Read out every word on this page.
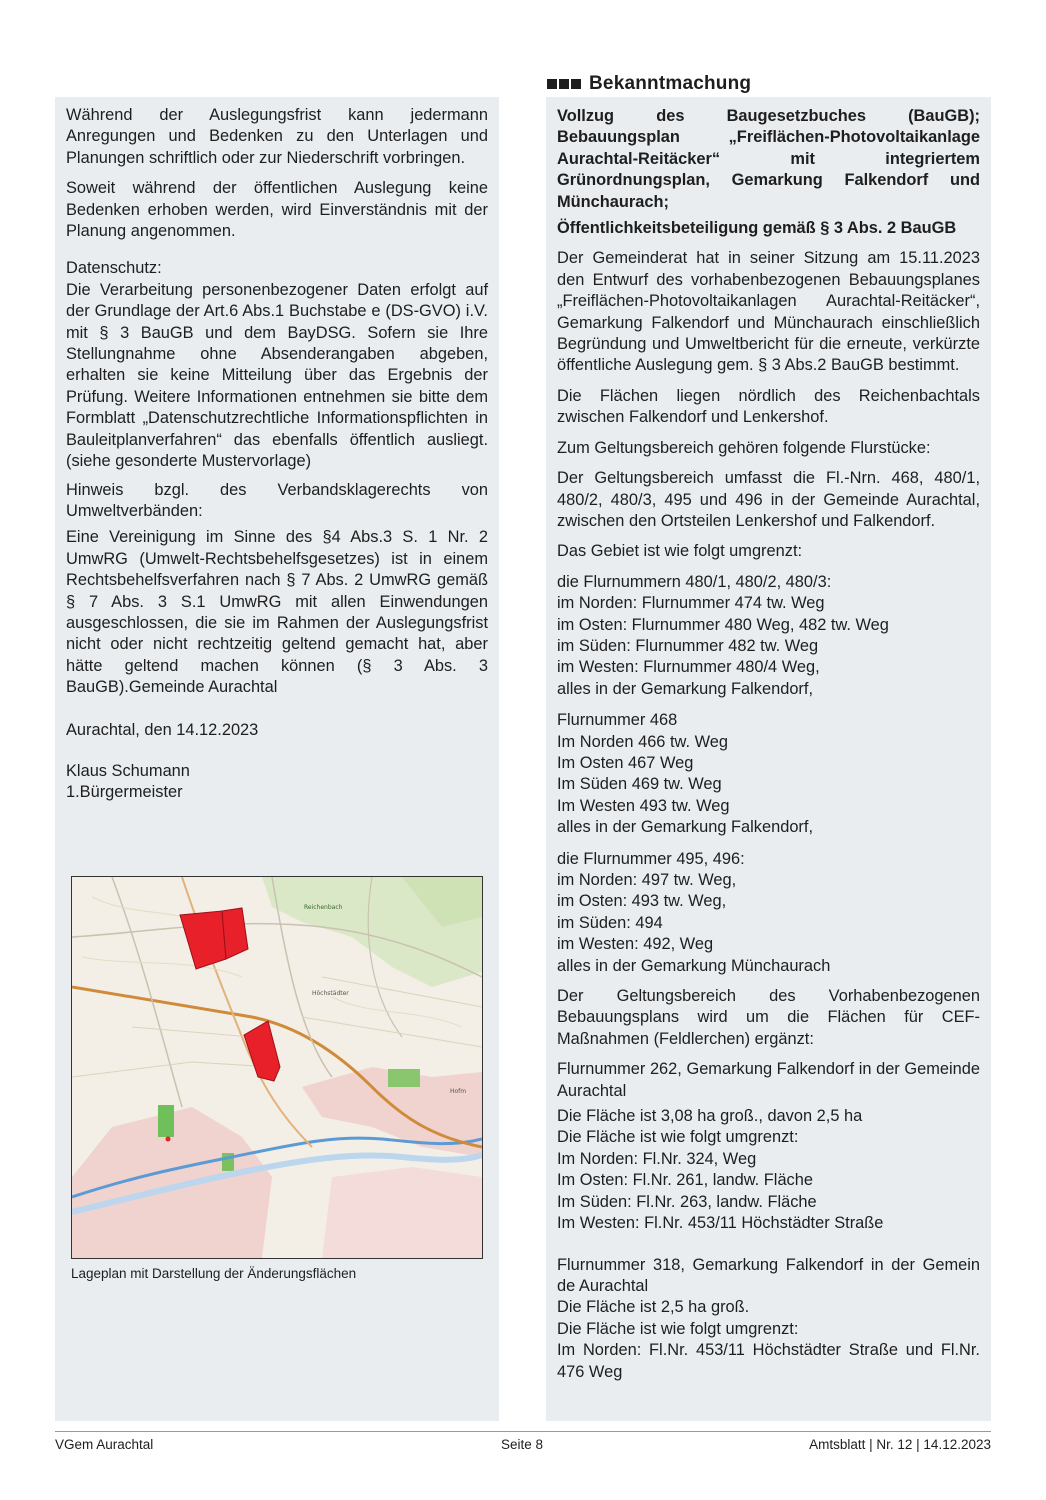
Während der Auslegungsfrist kann jedermann Anregungen und Bedenken zu den Unterlagen und Planungen schriftlich oder zur Niederschrift vorbringen.

Soweit während der öffentlichen Auslegung keine Bedenken erhoben werden, wird Einverständnis mit der Planung angenommen.

Datenschutz:
Die Verarbeitung personenbezogener Daten erfolgt auf der Grundlage der Art.6 Abs.1 Buchstabe e (DS-GVO) i.V. mit § 3 BauGB und dem BayDSG. Sofern sie Ihre Stellungnahme ohne Absenderangaben abgeben, erhalten sie keine Mitteilung über das Ergebnis der Prüfung. Weitere Informationen entnehmen sie bitte dem Formblatt „Datenschutzrechtliche Informationspflichten in Bauleitplanverfahren“ das ebenfalls öffentlich ausliegt. (siehe gesonderte Mustervorlage)

Hinweis bzgl. des Verbandsklagerechts von Umweltverbänden:

Eine Vereinigung im Sinne des §4 Abs.3 S. 1 Nr. 2 UmwRG (Umwelt-Rechtsbehelfsgesetzes) ist in einem Rechtsbehelfsverfahren nach § 7 Abs. 2 UmwRG gemäß § 7 Abs. 3 S.1 UmwRG mit allen Einwendungen ausgeschlossen, die sie im Rahmen der Auslegungsfrist nicht oder nicht rechtzeitig geltend gemacht hat, aber hätte geltend machen können (§ 3 Abs. 3 BauGB).Gemeinde Aurachtal

Aurachtal, den 14.12.2023

Klaus Schumann
1.Bürgermeister

Reichenbach
Höchstädter
Hofm
Lageplan mit Darstellung der Änderungsflächen
Bekanntmachung

Vollzug des Baugesetzbuches (BauGB); Bebauungsplan „Freiflächen-Photovoltaikanlage Aurachtal-Reitäcker“ mit integriertem Grünordnungsplan, Gemarkung Falkendorf und Münchaurach;

Öffentlichkeitsbeteiligung gemäß § 3 Abs. 2 BauGB

Der Gemeinderat hat in seiner Sitzung am 15.11.2023 den Entwurf des vorhabenbezogenen Bebauungsplanes „Freiflächen-Photovoltaikanlagen Aurachtal-Reitäcker“, Gemarkung Falkendorf und Münchaurach einschließlich Begründung und Umweltbericht für die erneute, verkürzte öffentliche Auslegung gem. § 3 Abs.2 BauGB bestimmt.

Die Flächen liegen nördlich des Reichenbachtals zwischen Falkendorf und Lenkershof.

Zum Geltungsbereich gehören folgende Flurstücke:

Der Geltungsbereich umfasst die Fl.-Nrn. 468, 480/1, 480/2, 480/3, 495 und 496 in der Gemeinde Aurachtal, zwischen den Ortsteilen Lenkershof und Falkendorf.

Das Gebiet ist wie folgt umgrenzt:

die Flurnummern 480/1, 480/2, 480/3:
im Norden: Flurnummer 474 tw. Weg
im Osten: Flurnummer 480 Weg, 482 tw. Weg
im Süden: Flurnummer 482 tw. Weg
im Westen: Flurnummer 480/4 Weg,
alles in der Gemarkung Falkendorf,

Flurnummer 468
Im Norden 466 tw. Weg
Im Osten 467 Weg
Im Süden 469 tw. Weg
Im Westen 493 tw. Weg
alles in der Gemarkung Falkendorf,

die Flurnummer 495, 496:
im Norden: 497 tw. Weg,
im Osten: 493 tw. Weg,
im Süden: 494
im Westen: 492, Weg
alles in der Gemarkung Münchaurach

Der Geltungsbereich des Vorhabenbezogenen Bebauungsplans wird um die Flächen für CEF-Maßnahmen (Feldlerchen) ergänzt:

Flurnummer 262, Gemarkung Falkendorf in der Gemeinde Aurachtal

Die Fläche ist 3,08 ha groß., davon 2,5 ha
Die Fläche ist wie folgt umgrenzt:
Im Norden: Fl.Nr. 324, Weg
Im Osten: Fl.Nr. 261, landw. Fläche
Im Süden: Fl.Nr. 263, landw. Fläche
Im Westen: Fl.Nr. 453/11 Höchstädter Straße

Flurnummer 318, Gemarkung Falkendorf in der Gemein de Aurachtal

Die Fläche ist 2,5 ha groß.
Die Fläche ist wie folgt umgrenzt:
Im Norden: Fl.Nr. 453/11 Höchstädter Straße und Fl.Nr. 476 Weg

VGem Aurachtal	Seite 8	Amtsblatt | Nr. 12 | 14.12.2023
